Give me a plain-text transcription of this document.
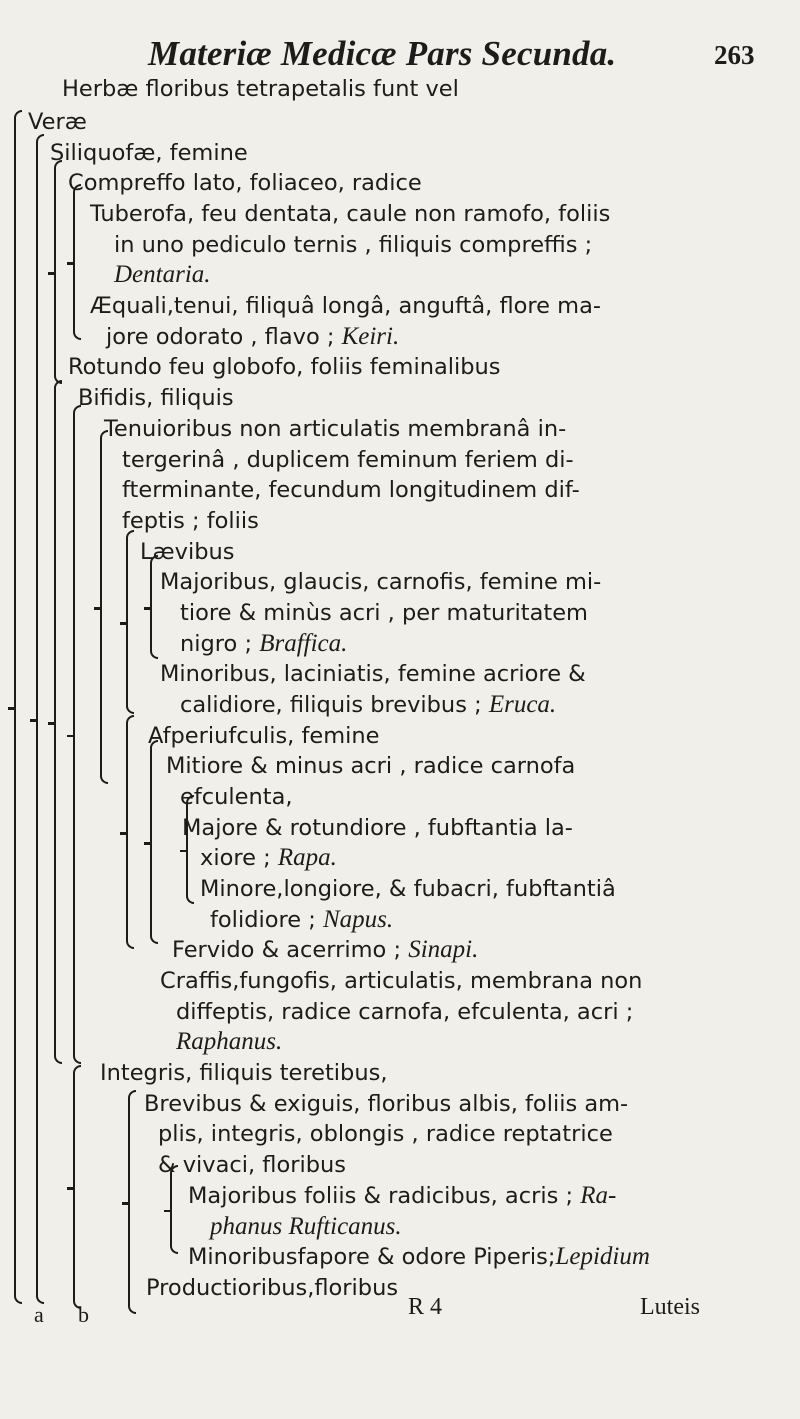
Materiæ Medicæ Pars Secunda.	263
Herbæ floribus tetrapetalis funt vel
Veræ
Siliquofæ, femine
Compreffo lato, foliaceo, radice
Tuberofa, feu dentata, caule non ramofo, foliis
in uno pediculo ternis , filiquis compreffis ;
Dentaria.
Æquali,tenui, filiquâ longâ, anguftâ, flore ma-
jore odorato , flavo ; Keiri.
Rotundo feu globofo, foliis feminalibus
Bifidis, filiquis
Tenuioribus non articulatis membranâ in-
tergerinâ , duplicem feminum feriem di-
fterminante, fecundum longitudinem dif-
feptis ; foliis
Lævibus
Majoribus, glaucis, carnofis, femine mi-
tiore & minùs acri , per maturitatem
nigro ; Braffica.
Minoribus, laciniatis, femine acriore &
calidiore, filiquis brevibus ; Eruca.
Afperiufculis, femine
Mitiore & minus acri , radice carnofa
efculenta,
Majore & rotundiore , fubftantia la-
xiore ; Rapa.
Minore,longiore, & fubacri, fubftantiâ
folidiore ; Napus.
Fervido & acerrimo ; Sinapi.
Craffis,fungofis, articulatis, membrana non
diffeptis, radice carnofa, efculenta, acri ;
Raphanus.
Integris, filiquis teretibus,
Brevibus & exiguis, floribus albis, foliis am-
plis, integris, oblongis , radice reptatrice
& vivaci, floribus
Majoribus foliis & radicibus, acris ; Ra-
phanus Rufticanus.
Minoribusfapore & odore Piperis;Lepidium
Productioribus,floribus
a b	R 4	Luteis
